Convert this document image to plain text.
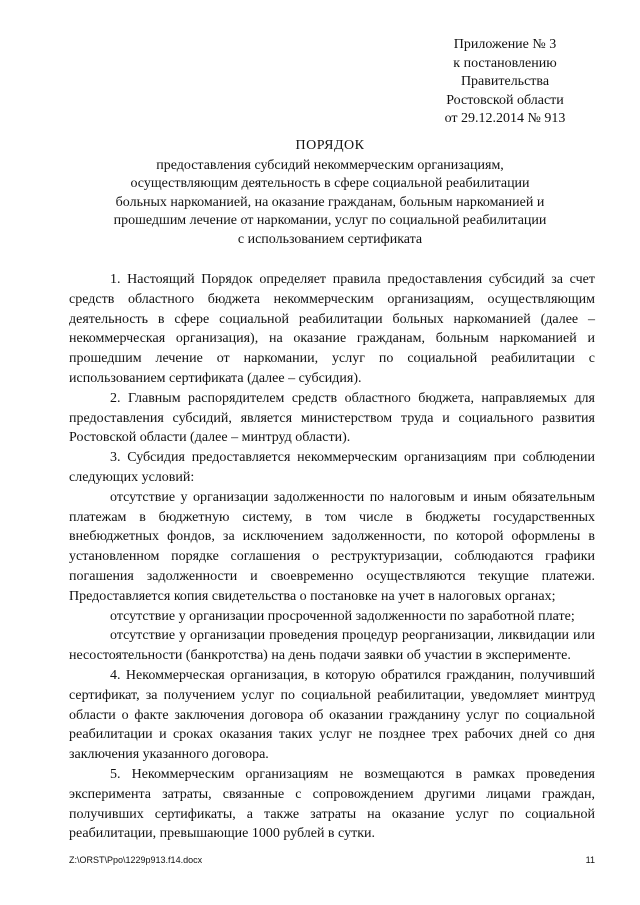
Приложение № 3
к постановлению
Правительства
Ростовской области
от 29.12.2014 № 913
ПОРЯДОК
предоставления субсидий некоммерческим организациям,
осуществляющим деятельность в сфере социальной реабилитации
больных наркоманией, на оказание гражданам, больным наркоманией и
прошедшим лечение от наркомании, услуг по социальной реабилитации
с использованием сертификата

1. Настоящий Порядок определяет правила предоставления субсидий за счет средств областного бюджета некоммерческим организациям, осуществляющим деятельность в сфере социальной реабилитации больных наркоманией (далее – некоммерческая организация), на оказание гражданам, больным наркоманией и прошедшим лечение от наркомании, услуг по социальной реабилитации с использованием сертификата (далее – субсидия).

2. Главным распорядителем средств областного бюджета, направляемых для предоставления субсидий, является министерством труда и социального развития Ростовской области (далее – минтруд области).

3. Субсидия предоставляется некоммерческим организациям при соблюдении следующих условий:

отсутствие у организации задолженности по налоговым и иным обязательным платежам в бюджетную систему, в том числе в бюджеты государственных внебюджетных фондов, за исключением задолженности, по которой оформлены в установленном порядке соглашения о реструктуризации, соблюдаются графики погашения задолженности и своевременно осуществляются текущие платежи. Предоставляется копия свидетельства о постановке на учет в налоговых органах;

отсутствие у организации просроченной задолженности по заработной плате;

отсутствие у организации проведения процедур реорганизации, ликвидации или несостоятельности (банкротства) на день подачи заявки об участии в эксперименте.

4. Некоммерческая организация, в которую обратился гражданин, получивший сертификат, за получением услуг по социальной реабилитации, уведомляет минтруд области о факте заключения договора об оказании гражданину услуг по социальной реабилитации и сроках оказания таких услуг не позднее трех рабочих дней со дня заключения указанного договора.

5. Некоммерческим организациям не возмещаются в рамках проведения эксперимента затраты, связанные с сопровождением другими лицами граждан, получивших сертификаты, а также затраты на оказание услуг по социальной реабилитации, превышающие 1000 рублей в сутки.

Z:\ORST\Ppo\1229p913.f14.docx	11
